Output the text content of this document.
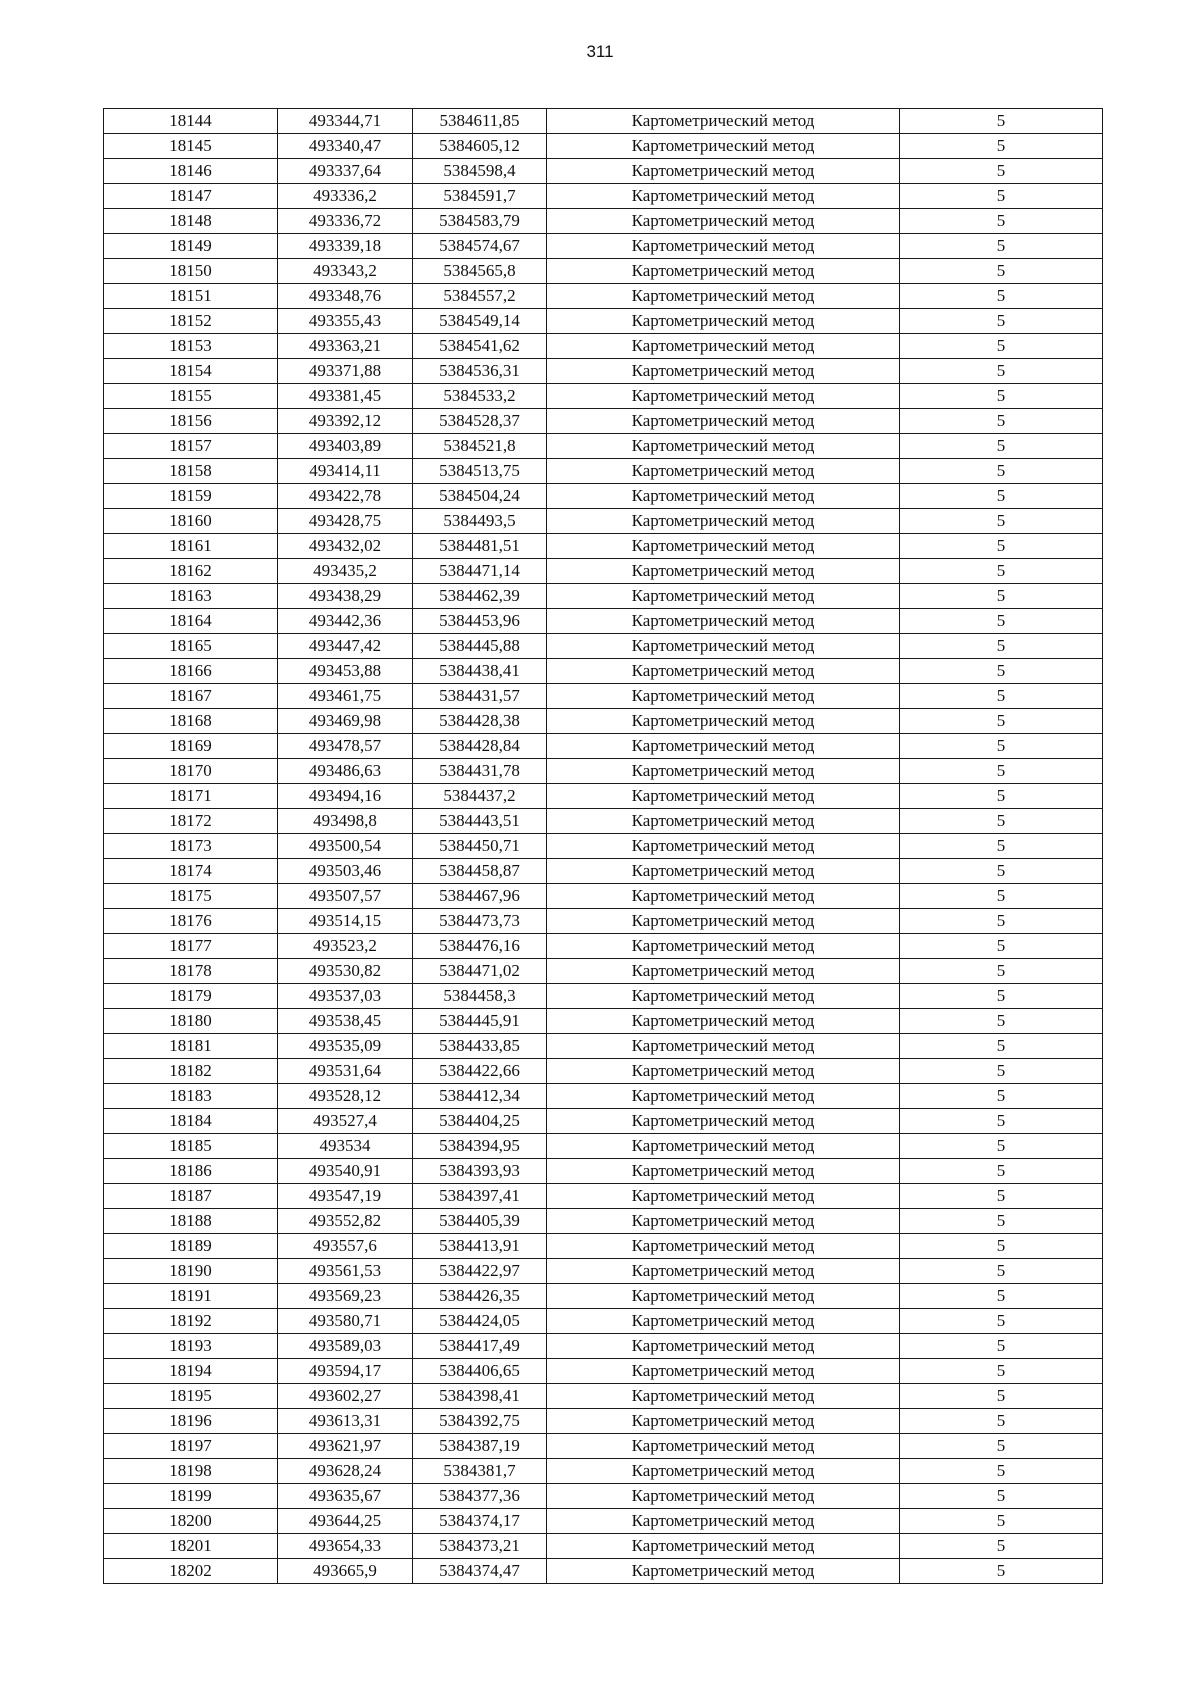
311
18144	493344,71	5384611,85	Картометрический метод	5
18145	493340,47	5384605,12	Картометрический метод	5
18146	493337,64	5384598,4	Картометрический метод	5
18147	493336,2	5384591,7	Картометрический метод	5
18148	493336,72	5384583,79	Картометрический метод	5
18149	493339,18	5384574,67	Картометрический метод	5
18150	493343,2	5384565,8	Картометрический метод	5
18151	493348,76	5384557,2	Картометрический метод	5
18152	493355,43	5384549,14	Картометрический метод	5
18153	493363,21	5384541,62	Картометрический метод	5
18154	493371,88	5384536,31	Картометрический метод	5
18155	493381,45	5384533,2	Картометрический метод	5
18156	493392,12	5384528,37	Картометрический метод	5
18157	493403,89	5384521,8	Картометрический метод	5
18158	493414,11	5384513,75	Картометрический метод	5
18159	493422,78	5384504,24	Картометрический метод	5
18160	493428,75	5384493,5	Картометрический метод	5
18161	493432,02	5384481,51	Картометрический метод	5
18162	493435,2	5384471,14	Картометрический метод	5
18163	493438,29	5384462,39	Картометрический метод	5
18164	493442,36	5384453,96	Картометрический метод	5
18165	493447,42	5384445,88	Картометрический метод	5
18166	493453,88	5384438,41	Картометрический метод	5
18167	493461,75	5384431,57	Картометрический метод	5
18168	493469,98	5384428,38	Картометрический метод	5
18169	493478,57	5384428,84	Картометрический метод	5
18170	493486,63	5384431,78	Картометрический метод	5
18171	493494,16	5384437,2	Картометрический метод	5
18172	493498,8	5384443,51	Картометрический метод	5
18173	493500,54	5384450,71	Картометрический метод	5
18174	493503,46	5384458,87	Картометрический метод	5
18175	493507,57	5384467,96	Картометрический метод	5
18176	493514,15	5384473,73	Картометрический метод	5
18177	493523,2	5384476,16	Картометрический метод	5
18178	493530,82	5384471,02	Картометрический метод	5
18179	493537,03	5384458,3	Картометрический метод	5
18180	493538,45	5384445,91	Картометрический метод	5
18181	493535,09	5384433,85	Картометрический метод	5
18182	493531,64	5384422,66	Картометрический метод	5
18183	493528,12	5384412,34	Картометрический метод	5
18184	493527,4	5384404,25	Картометрический метод	5
18185	493534	5384394,95	Картометрический метод	5
18186	493540,91	5384393,93	Картометрический метод	5
18187	493547,19	5384397,41	Картометрический метод	5
18188	493552,82	5384405,39	Картометрический метод	5
18189	493557,6	5384413,91	Картометрический метод	5
18190	493561,53	5384422,97	Картометрический метод	5
18191	493569,23	5384426,35	Картометрический метод	5
18192	493580,71	5384424,05	Картометрический метод	5
18193	493589,03	5384417,49	Картометрический метод	5
18194	493594,17	5384406,65	Картометрический метод	5
18195	493602,27	5384398,41	Картометрический метод	5
18196	493613,31	5384392,75	Картометрический метод	5
18197	493621,97	5384387,19	Картометрический метод	5
18198	493628,24	5384381,7	Картометрический метод	5
18199	493635,67	5384377,36	Картометрический метод	5
18200	493644,25	5384374,17	Картометрический метод	5
18201	493654,33	5384373,21	Картометрический метод	5
18202	493665,9	5384374,47	Картометрический метод	5
